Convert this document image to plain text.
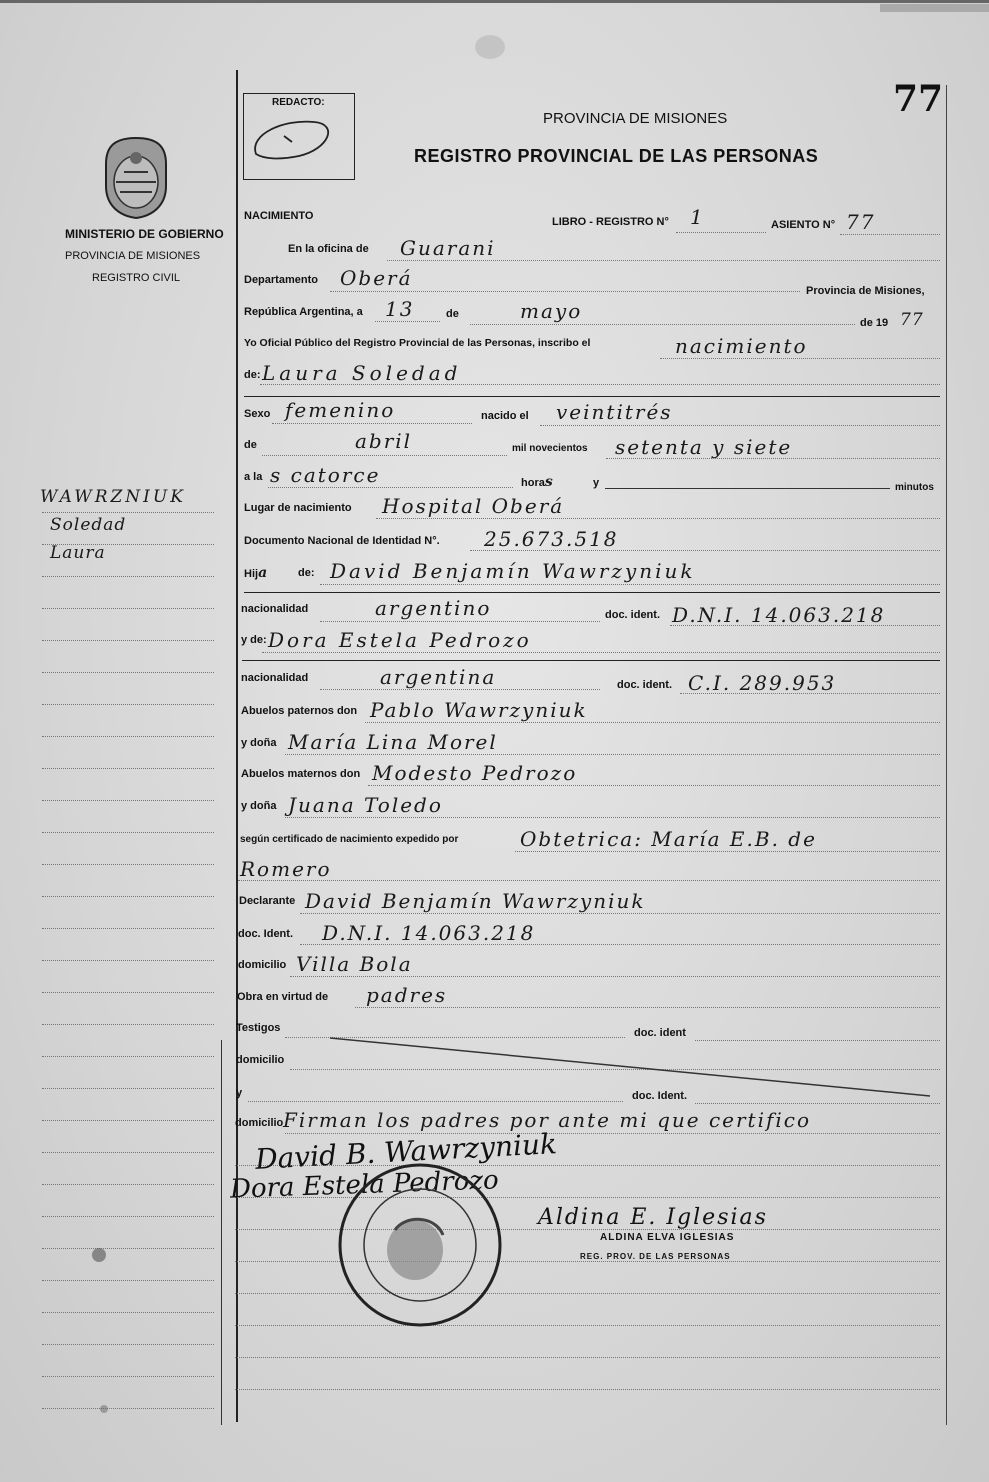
77
REDACTO:
PROVINCIA DE MISIONES
REGISTRO PROVINCIAL DE LAS PERSONAS
MINISTERIO DE GOBIERNO
PROVINCIA DE MISIONES
REGISTRO CIVIL
WAWRZNIUK
Soledad
Laura
NACIMIENTO	LIBRO - REGISTRO N° 1	ASIENTO N° 77
En la oficina de Guarani
Departamento Oberá
Provincia de Misiones,
República Argentina, a 13	de	mayo	de 19 77
Yo Oficial Público del Registro Provincial de las Personas, inscribo el	nacimiento
de: Laura Soledad
Sexo femenino	nacido el veintitrés
de	abril	mil novecientos setenta y siete
a la s catorce	horas	y	minutos
Lugar de nacimiento Hospital Oberá
Documento Nacional de Identidad N°. 25.673.518
Hija	de: David Benjamín Wawrzyniuk
nacionalidad	argentino	doc. ident. D.N.I. 14.063.218
y de: Dora Estela Pedrozo
nacionalidad	argentina	doc. ident. C.I. 289.953
Abuelos paternos don Pablo Wawrzyniuk
y doña María Lina Morel
Abuelos maternos don Modesto Pedrozo
y doña Juana Toledo
según certificado de nacimiento expedido por	Obtetrica: María E.B. de
Romero
Declarante David Benjamín Wawrzyniuk
doc. Ident. D.N.I. 14.063.218
domicilio Villa Bola
Obra en virtud de padres
Testigos	doc. ident
domicilio
y	doc. Ident.
domicilio Firman los padres por ante mi que certifico
David B. Wawrzyniuk
Dora Estela Pedrozo
Aldina E. Iglesias
ALDINA ELVA IGLESIAS
REG. PROV. DE LAS PERSONAS
